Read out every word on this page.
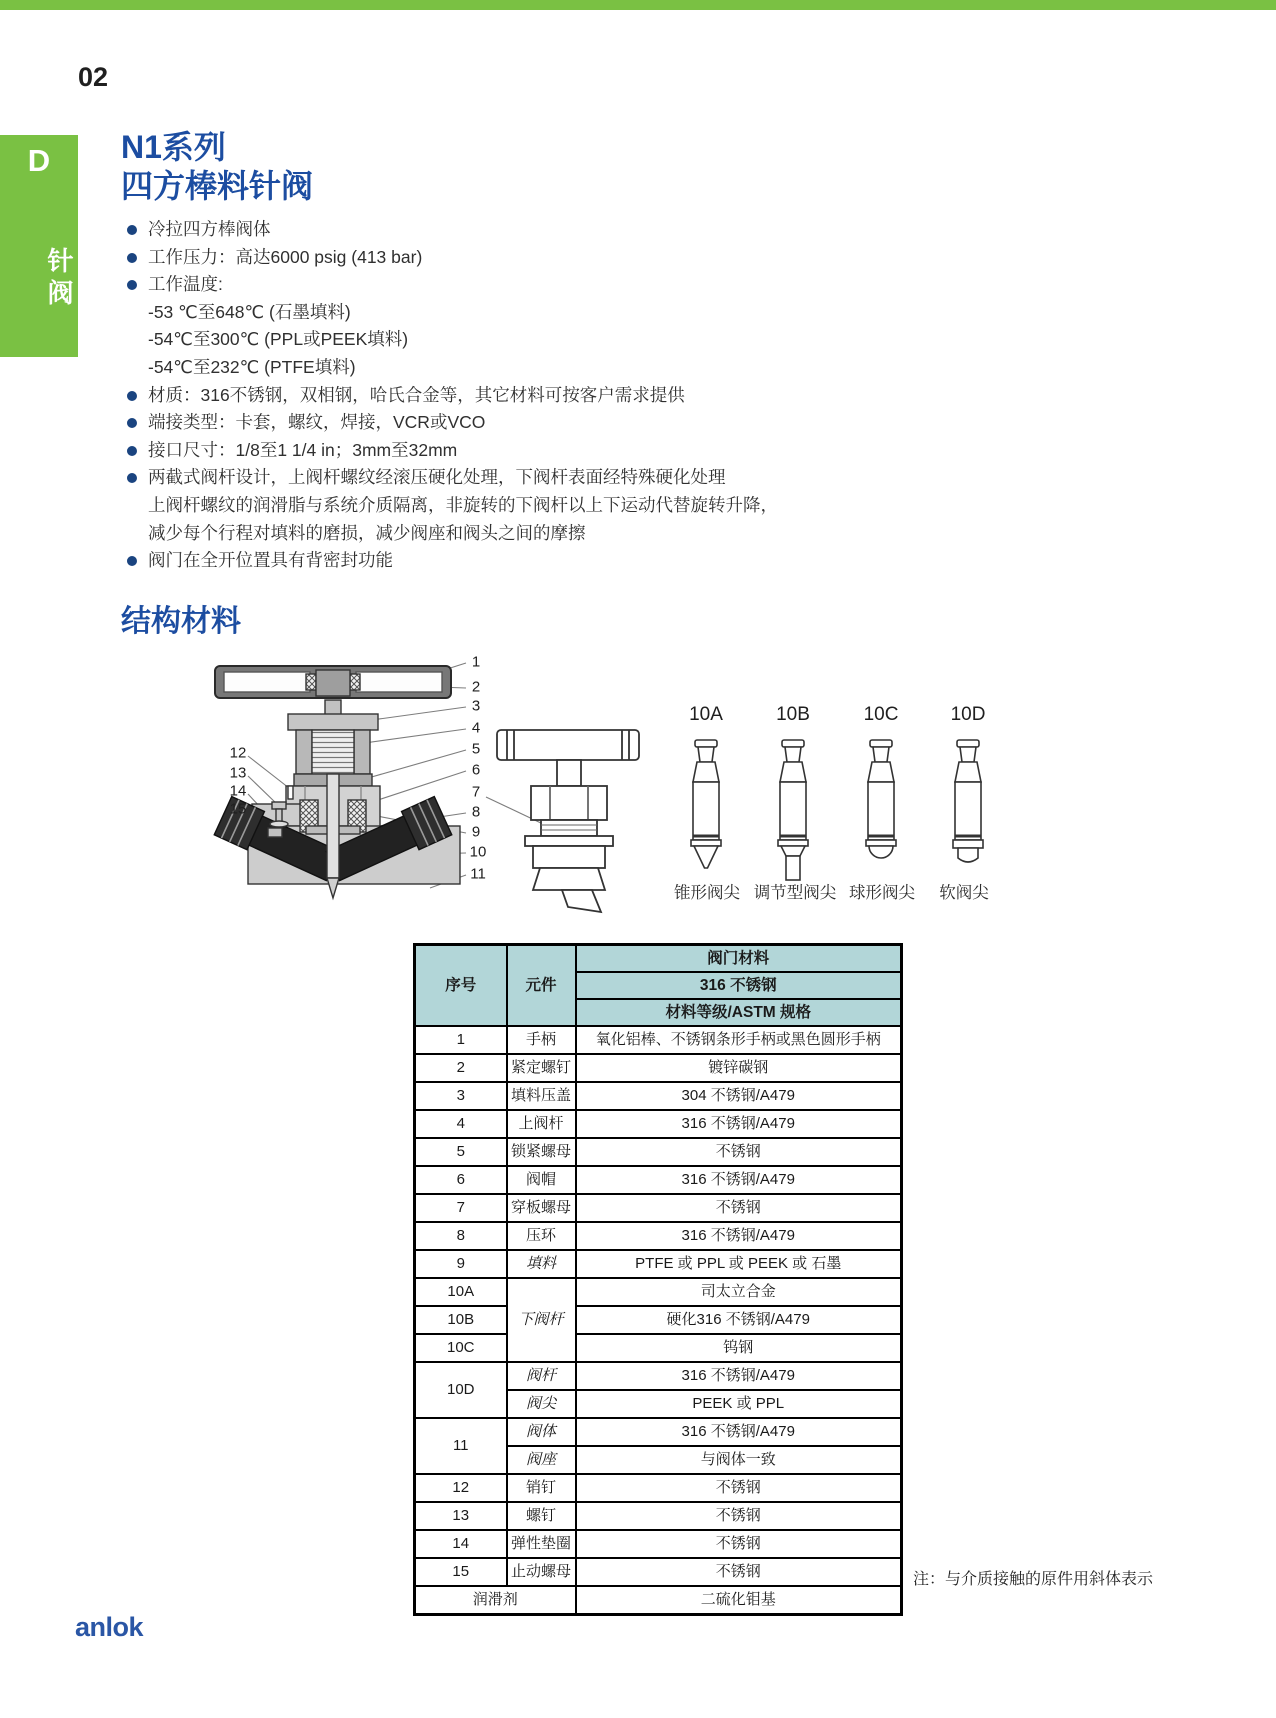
02
D
针阀
N1系列
四方棒料针阀
冷拉四方棒阀体
工作压力：高达6000 psig (413 bar)
工作温度:
-53 ℃至648℃ (石墨填料)
-54℃至300℃ (PPL或PEEK填料)
-54℃至232℃ (PTFE填料)
材质：316不锈钢，双相钢，哈氏合金等，其它材料可按客户需求提供
端接类型：卡套，螺纹，焊接，VCR或VCO
接口尺寸：1/8至1 1/4 in；3mm至32mm
两截式阀杆设计，上阀杆螺纹经滚压硬化处理，下阀杆表面经特殊硬化处理
上阀杆螺纹的润滑脂与系统介质隔离，非旋转的下阀杆以上下运动代替旋转升降，
减少每个行程对填料的磨损，减少阀座和阀头之间的摩擦
阀门在全开位置具有背密封功能
结构材料
1
2
3
4
5
6
7
8
9
10
11
12
13
14
15
10A	10B	10C	10D
锥形阀尖 调节型阀尖 球形阀尖 软阀尖
序号	元件	阀门材料
		316 不锈钢
		材料等级/ASTM 规格
1	手柄	氧化铝棒、不锈钢条形手柄或黑色圆形手柄
2	紧定螺钉	镀锌碳钢
3	填料压盖	304 不锈钢/A479
4	上阀杆	316 不锈钢/A479
5	锁紧螺母	不锈钢
6	阀帽	316 不锈钢/A479
7	穿板螺母	不锈钢
8	压环	316 不锈钢/A479
9	填料	PTFE 或 PPL 或 PEEK 或 石墨
10A	下阀杆	司太立合金
10B		硬化316 不锈钢/A479
10C		钨钢
10D	阀杆	316 不锈钢/A479
	阀尖	PEEK 或 PPL
11	阀体	316 不锈钢/A479
	阀座	与阀体一致
12	销钉	不锈钢
13	螺钉	不锈钢
14	弹性垫圈	不锈钢
15	止动螺母	不锈钢
润滑剂		二硫化钼基
注：与介质接触的原件用斜体表示
anlok
